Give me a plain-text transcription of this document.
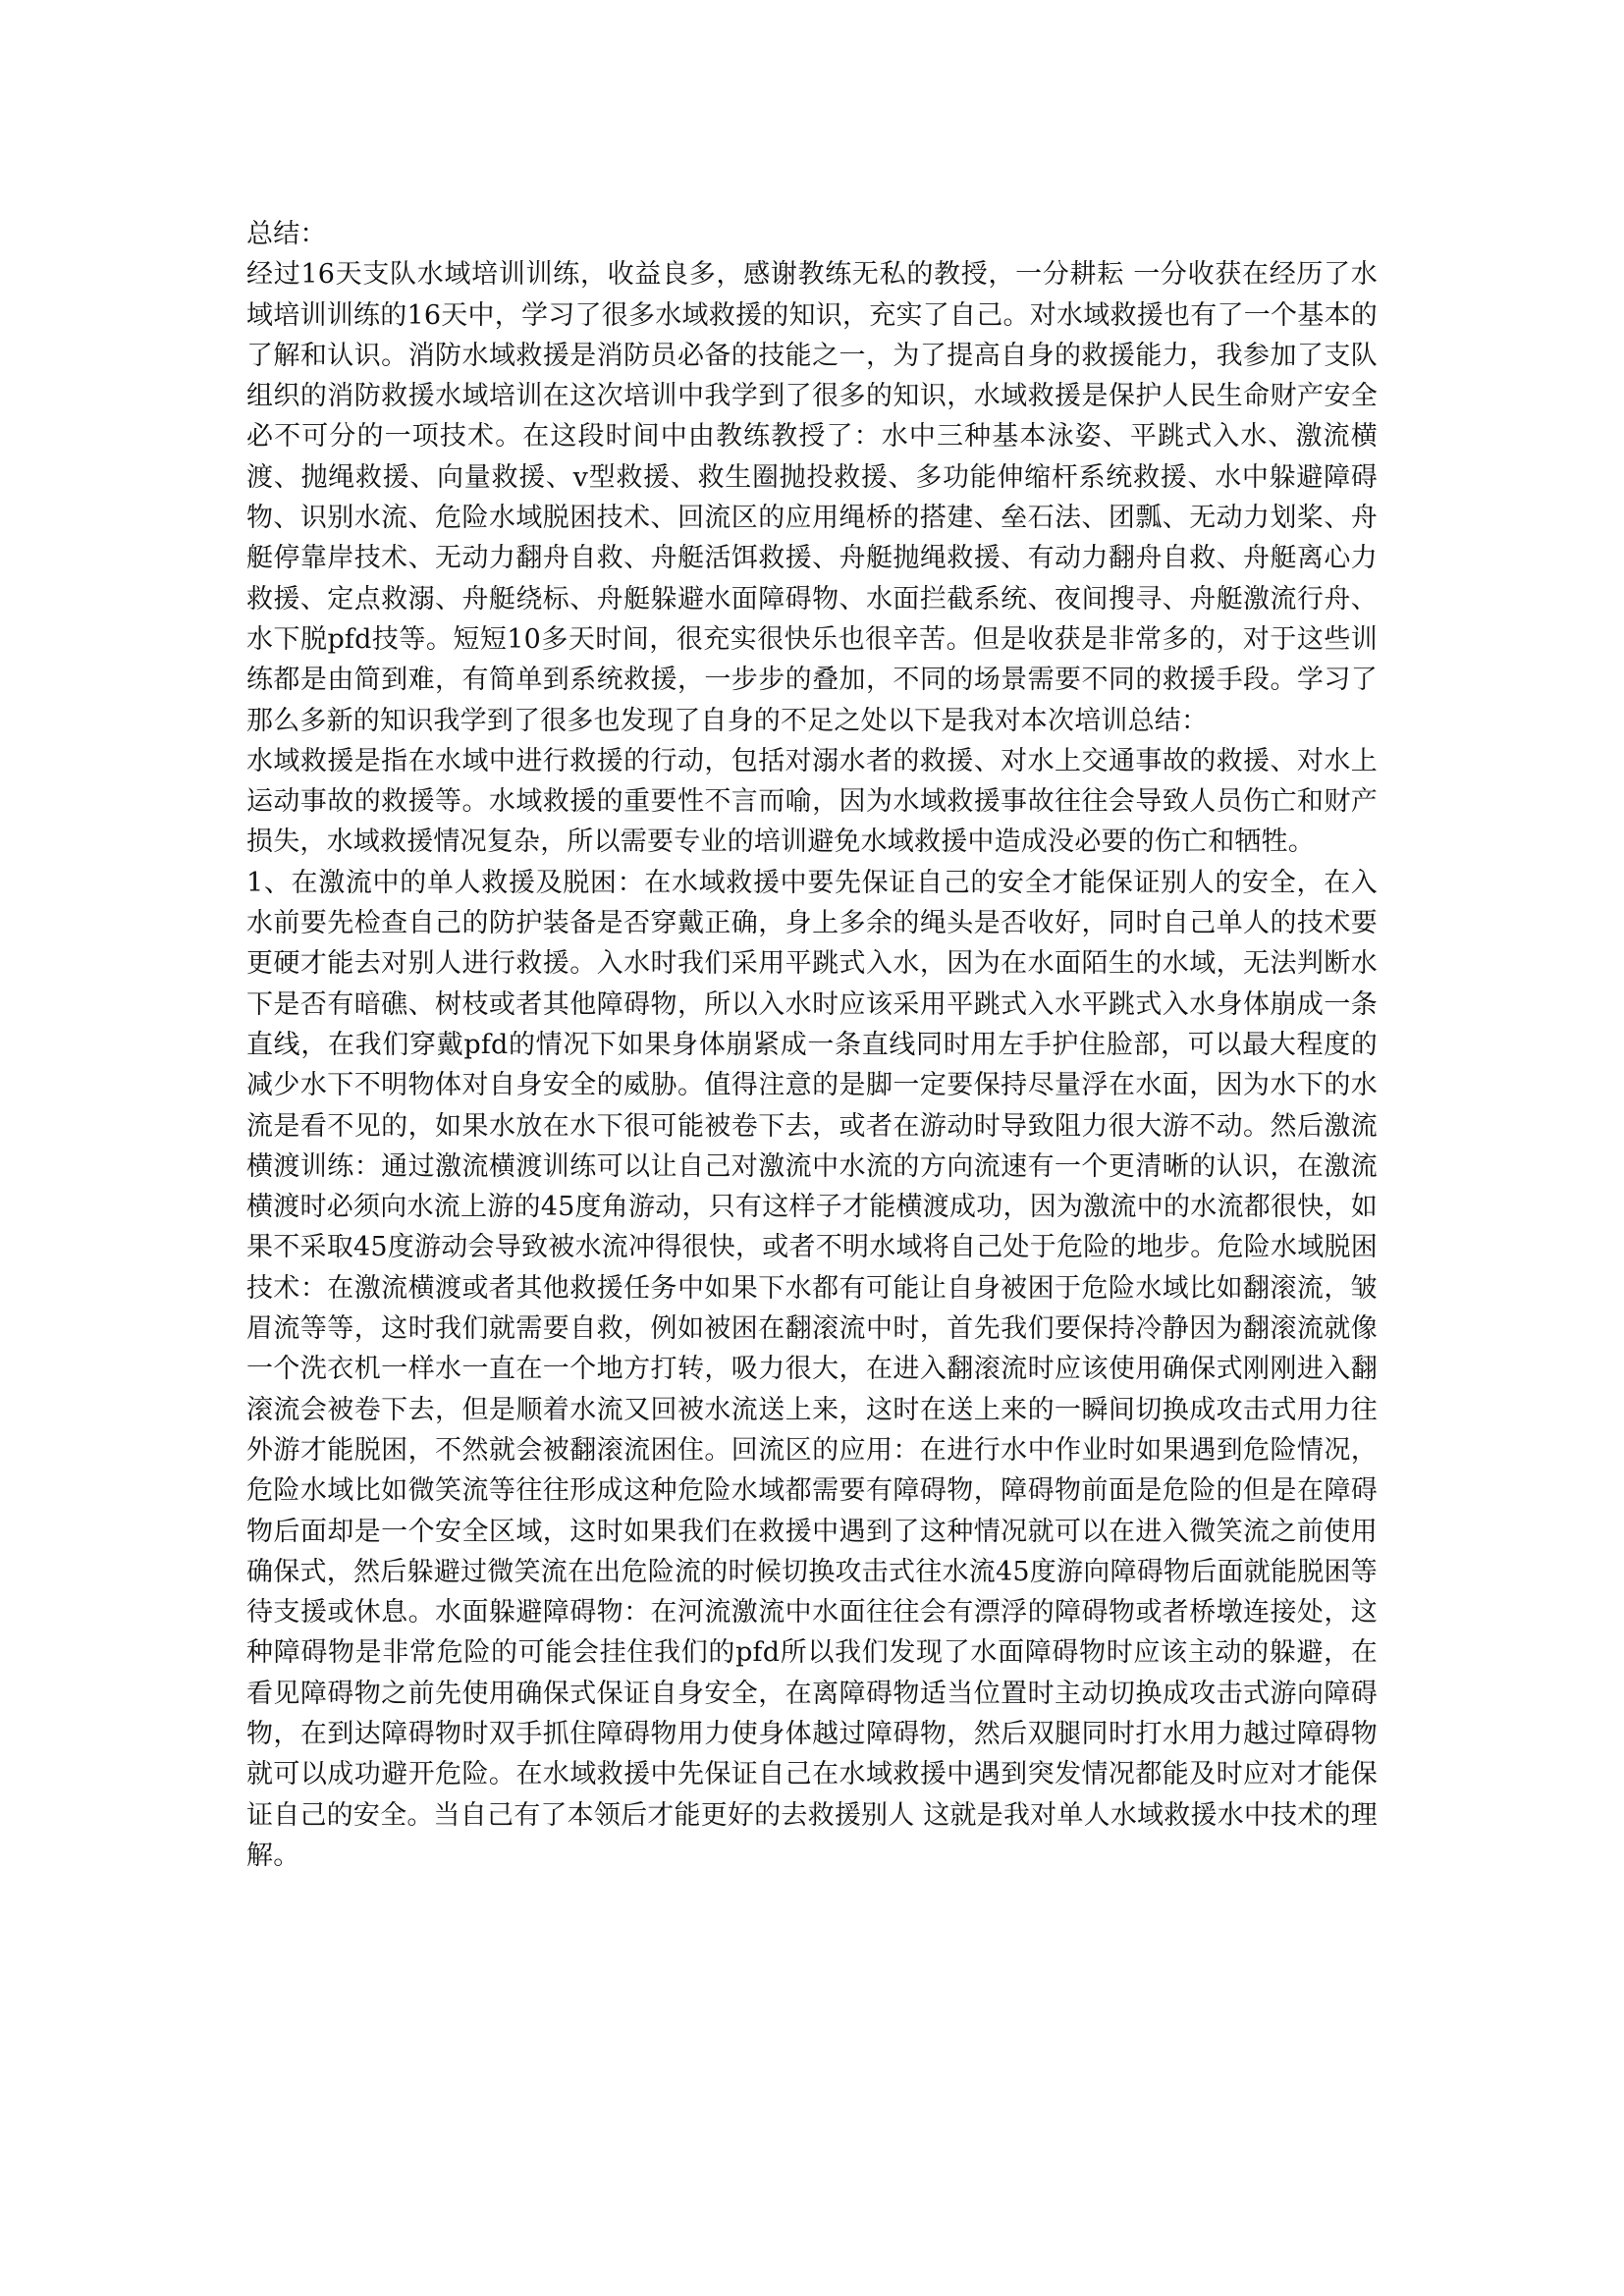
总结：

经过16天支队水域培训训练，收益良多，感谢教练无私的教授，一分耕耘 一分收获在经历了水域培训训练的16天中，学习了很多水域救援的知识，充实了自己。对水域救援也有了一个基本的了解和认识。消防水域救援是消防员必备的技能之一，为了提高自身的救援能力，我参加了支队组织的消防救援水域培训在这次培训中我学到了很多的知识，水域救援是保护人民生命财产安全必不可分的一项技术。在这段时间中由教练教授了：水中三种基本泳姿、平跳式入水、激流横渡、抛绳救援、向量救援、v型救援、救生圈抛投救援、多功能伸缩杆系统救援、水中躲避障碍物、识别水流、危险水域脱困技术、回流区的应用绳桥的搭建、垒石法、团瓢、无动力划桨、舟艇停靠岸技术、无动力翻舟自救、舟艇活饵救援、舟艇抛绳救援、有动力翻舟自救、舟艇离心力救援、定点救溺、舟艇绕标、舟艇躲避水面障碍物、水面拦截系统、夜间搜寻、舟艇激流行舟、水下脱pfd技等。短短10多天时间，很充实很快乐也很辛苦。但是收获是非常多的，对于这些训练都是由简到难，有简单到系统救援，一步步的叠加，不同的场景需要不同的救援手段。学习了那么多新的知识我学到了很多也发现了自身的不足之处以下是我对本次培训总结：

水域救援是指在水域中进行救援的行动，包括对溺水者的救援、对水上交通事故的救援、对水上运动事故的救援等。水域救援的重要性不言而喻，因为水域救援事故往往会导致人员伤亡和财产损失，水域救援情况复杂，所以需要专业的培训避免水域救援中造成没必要的伤亡和牺牲。

1、在激流中的单人救援及脱困：在水域救援中要先保证自己的安全才能保证别人的安全，在入水前要先检查自己的防护装备是否穿戴正确，身上多余的绳头是否收好，同时自己单人的技术要更硬才能去对别人进行救援。入水时我们采用平跳式入水，因为在水面陌生的水域，无法判断水下是否有暗礁、树枝或者其他障碍物，所以入水时应该采用平跳式入水平跳式入水身体崩成一条直线，在我们穿戴pfd的情况下如果身体崩紧成一条直线同时用左手护住脸部，可以最大程度的减少水下不明物体对自身安全的威胁。值得注意的是脚一定要保持尽量浮在水面，因为水下的水流是看不见的，如果水放在水下很可能被卷下去，或者在游动时导致阻力很大游不动。然后激流横渡训练：通过激流横渡训练可以让自己对激流中水流的方向流速有一个更清晰的认识，在激流横渡时必须向水流上游的45度角游动，只有这样子才能横渡成功，因为激流中的水流都很快，如果不采取45度游动会导致被水流冲得很快，或者不明水域将自己处于危险的地步。危险水域脱困技术：在激流横渡或者其他救援任务中如果下水都有可能让自身被困于危险水域比如翻滚流，皱眉流等等，这时我们就需要自救，例如被困在翻滚流中时，首先我们要保持冷静因为翻滚流就像一个洗衣机一样水一直在一个地方打转，吸力很大，在进入翻滚流时应该使用确保式刚刚进入翻滚流会被卷下去，但是顺着水流又回被水流送上来，这时在送上来的一瞬间切换成攻击式用力往外游才能脱困，不然就会被翻滚流困住。回流区的应用：在进行水中作业时如果遇到危险情况，危险水域比如微笑流等往往形成这种危险水域都需要有障碍物，障碍物前面是危险的但是在障碍物后面却是一个安全区域，这时如果我们在救援中遇到了这种情况就可以在进入微笑流之前使用确保式，然后躲避过微笑流在出危险流的时候切换攻击式往水流45度游向障碍物后面就能脱困等待支援或休息。水面躲避障碍物：在河流激流中水面往往会有漂浮的障碍物或者桥墩连接处，这种障碍物是非常危险的可能会挂住我们的pfd所以我们发现了水面障碍物时应该主动的躲避，在看见障碍物之前先使用确保式保证自身安全，在离障碍物适当位置时主动切换成攻击式游向障碍物，在到达障碍物时双手抓住障碍物用力使身体越过障碍物，然后双腿同时打水用力越过障碍物就可以成功避开危险。在水域救援中先保证自己在水域救援中遇到突发情况都能及时应对才能保证自己的安全。当自己有了本领后才能更好的去救援别人 这就是我对单人水域救援水中技术的理解。
